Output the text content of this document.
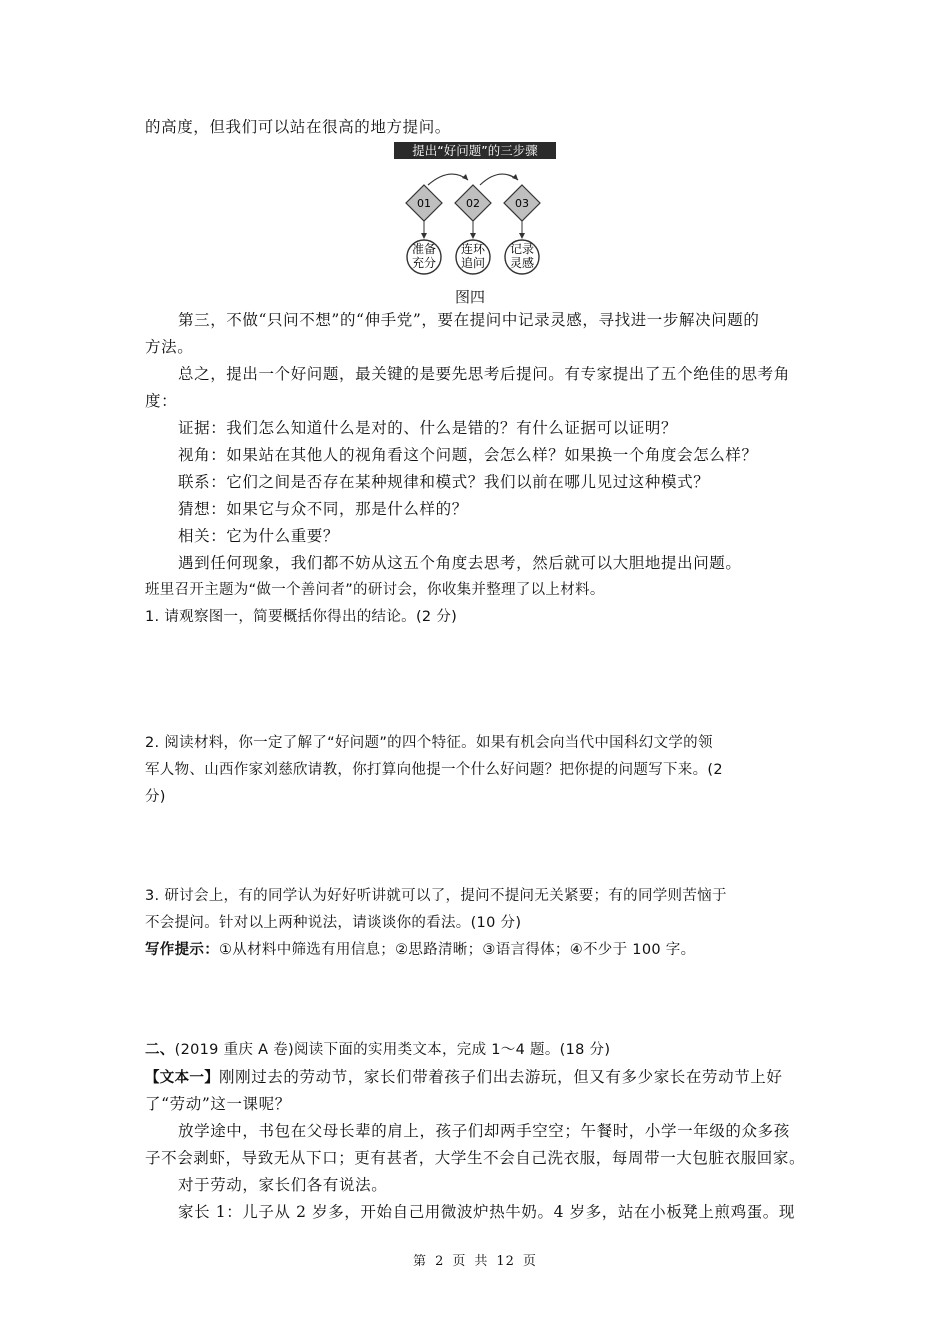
的高度，但我们可以站在很高的地方提问。
提出“好问题”的三步骤
01
准备
充分
02
连环
追问
03
记录
灵感
图四
第三，不做“只问不想”的“伸手党”，要在提问中记录灵感，寻找进一步解决问题的
方法。
总之，提出一个好问题，最关键的是要先思考后提问。有专家提出了五个绝佳的思考角
度：
证据：我们怎么知道什么是对的、什么是错的？有什么证据可以证明？
视角：如果站在其他人的视角看这个问题，会怎么样？如果换一个角度会怎么样？
联系：它们之间是否存在某种规律和模式？我们以前在哪儿见过这种模式？
猜想：如果它与众不同，那是什么样的？
相关：它为什么重要？
遇到任何现象，我们都不妨从这五个角度去思考，然后就可以大胆地提出问题。
班里召开主题为“做一个善问者”的研讨会，你收集并整理了以上材料。
1. 请观察图一，简要概括你得出的结论。(2 分)
2. 阅读材料，你一定了解了“好问题”的四个特征。如果有机会向当代中国科幻文学的领
军人物、山西作家刘慈欣请教，你打算向他提一个什么好问题？把你提的问题写下来。(2
分)
3. 研讨会上，有的同学认为好好听讲就可以了，提问不提问无关紧要；有的同学则苦恼于
不会提问。针对以上两种说法，请谈谈你的看法。(10 分)
写作提示：①从材料中筛选有用信息；②思路清晰；③语言得体；④不少于 100 字。
二、(2019 重庆 A 卷)阅读下面的实用类文本，完成 1～4 题。(18 分)
【文本一】刚刚过去的劳动节，家长们带着孩子们出去游玩，但又有多少家长在劳动节上好
了“劳动”这一课呢？
放学途中，书包在父母长辈的肩上，孩子们却两手空空；午餐时，小学一年级的众多孩
子不会剥虾，导致无从下口；更有甚者，大学生不会自己洗衣服，每周带一大包脏衣服回家。
对于劳动，家长们各有说法。
家长 1：儿子从 2 岁多，开始自己用微波炉热牛奶。4 岁多，站在小板凳上煎鸡蛋。现
第 2 页 共 12 页
